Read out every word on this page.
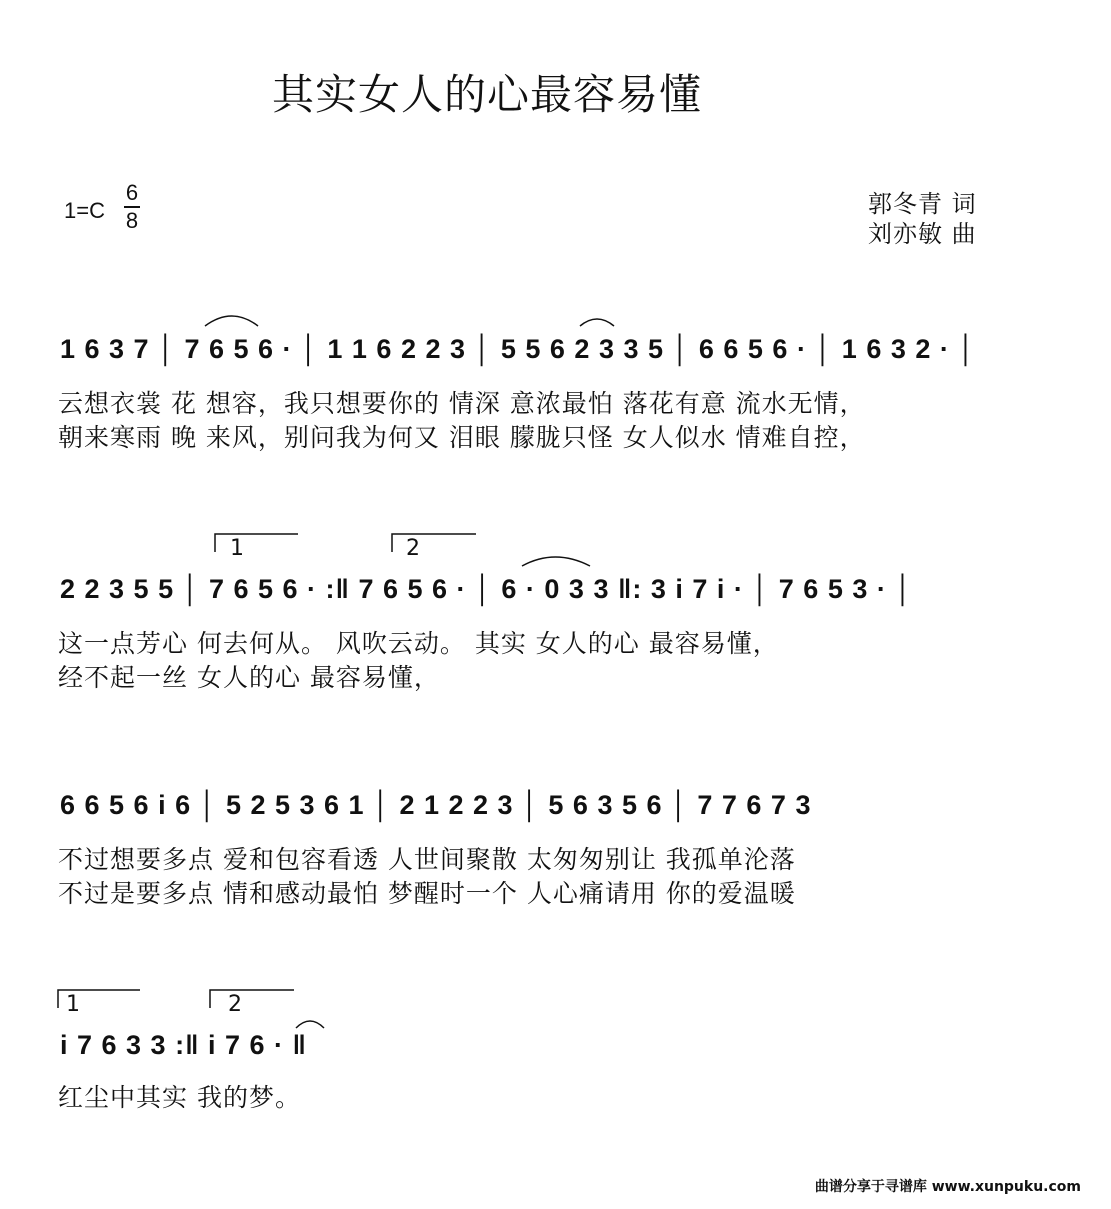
其实女人的心最容易懂
1=C
6
8
郭冬青 词
刘亦敏 曲
1 6 3 7 │ 7 6 5 6 · │ 1 1 6 2 2 3 │ 5 5 6 2 3 3 5 │ 6 6 5 6 · │ 1 6 3 2 · │
云想衣裳 花 想容，我只想要你的 情深 意浓最怕 落花有意 流水无情，
朝来寒雨 晚 来风，别问我为何又 泪眼 朦胧只怪 女人似水 情难自控，
1	2
2 2 3 5 5 │ 7 6 5 6 · :‖ 7 6 5 6 · │ 6 · 0 3 3 ‖: 3 i 7 i · │ 7 6 5 3 · │
这一点芳心 何去何从。 风吹云动。 其实 女人的心 最容易懂，
经不起一丝 女人的心 最容易懂，
6 6 5 6 i 6 │ 5 2 5 3 6 1 │ 2 1 2 2 3 │ 5 6 3 5 6 │ 7 7 6 7 3
不过想要多点 爱和包容看透 人世间聚散 太匆匆别让 我孤单沦落
不过是要多点 情和感动最怕 梦醒时一个 人心痛请用 你的爱温暖
1	2
i 7 6 3 3 :‖ i 7 6 · ‖
红尘中其实 我的梦。
曲谱分享于寻谱库 www.xunpuku.com
